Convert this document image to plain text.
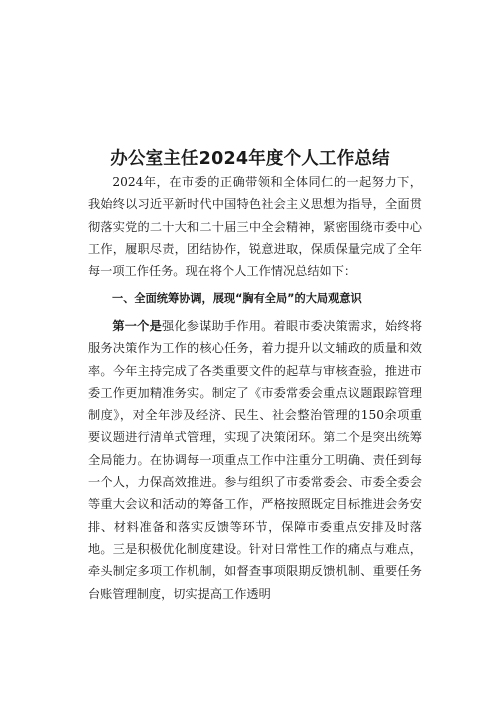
办公室主任2024年度个人工作总结

2024年，在市委的正确带领和全体同仁的一起努力下，我始终以习近平新时代中国特色社会主义思想为指导，全面贯彻落实党的二十大和二十届三中全会精神，紧密围绕市委中心工作，履职尽责，团结协作，锐意进取，保质保量完成了全年每一项工作任务。现在将个人工作情况总结如下：

一、全面统筹协调，展现“胸有全局”的大局观意识

第一个是强化参谋助手作用。着眼市委决策需求，始终将服务决策作为工作的核心任务，着力提升以文辅政的质量和效率。今年主持完成了各类重要文件的起草与审核查验，推进市委工作更加精准务实。制定了《市委常委会重点议题跟踪管理制度》，对全年涉及经济、民生、社会整治管理的150余项重要议题进行清单式管理，实现了决策闭环。第二个是突出统筹全局能力。在协调每一项重点工作中注重分工明确、责任到每一个人，力保高效推进。参与组织了市委常委会、市委全委会等重大会议和活动的筹备工作，严格按照既定目标推进会务安排、材料准备和落实反馈等环节，保障市委重点安排及时落地。三是积极优化制度建设。针对日常性工作的痛点与难点，牵头制定多项工作机制，如督查事项限期反馈机制、重要任务台账管理制度，切实提高工作透明
